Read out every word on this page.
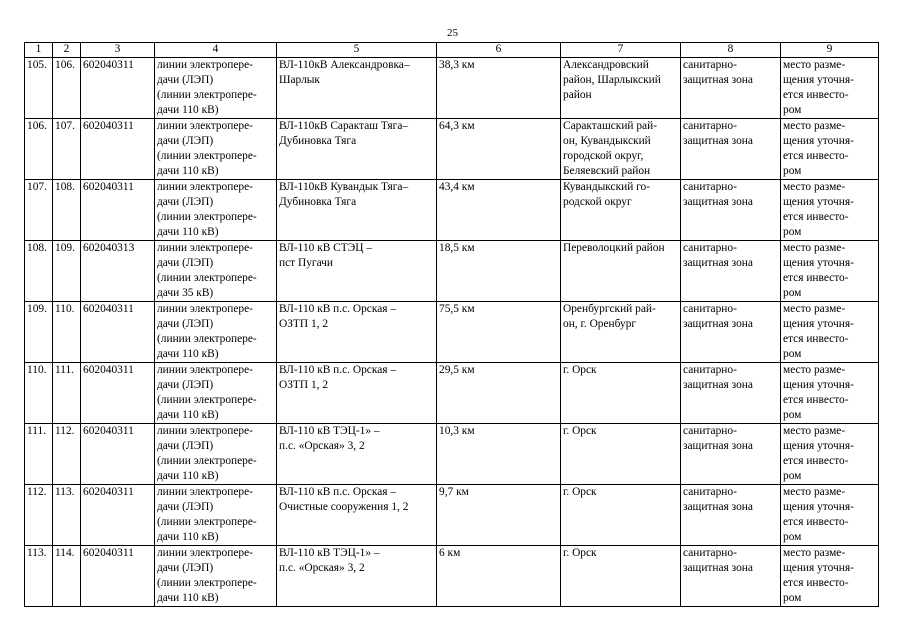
25
1	2	3	4	5	6	7	8	9
105.	106.	602040311	линии электропере-
дачи (ЛЭП)
(линии электропере-
дачи 110 кВ)	ВЛ-110кВ Александровка–
Шарлык	38,3 км	Александровский
район, Шарлыкский
район	санитарно-
защитная зона	место разме-
щения уточня-
ется инвесто-
ром
106.	107.	602040311	линии электропере-
дачи (ЛЭП)
(линии электропере-
дачи 110 кВ)	ВЛ-110кВ Саракташ Тяга–
Дубиновка Тяга	64,3 км	Саракташский рай-
он, Кувандыкский
городской округ,
Беляевский район	санитарно-
защитная зона	место разме-
щения уточня-
ется инвесто-
ром
107.	108.	602040311	линии электропере-
дачи (ЛЭП)
(линии электропере-
дачи 110 кВ)	ВЛ-110кВ Кувандык Тяга–
Дубиновка Тяга	43,4 км	Кувандыкский го-
родской округ	санитарно-
защитная зона	место разме-
щения уточня-
ется инвесто-
ром
108.	109.	602040313	линии электропере-
дачи (ЛЭП)
(линии электропере-
дачи 35 кВ)	ВЛ-110 кВ СТЭЦ –
пст Пугачи	18,5 км	Переволоцкий район	санитарно-
защитная зона	место разме-
щения уточня-
ется инвесто-
ром
109.	110.	602040311	линии электропере-
дачи (ЛЭП)
(линии электропере-
дачи 110 кВ)	ВЛ-110 кВ п.с. Орская –
ОЗТП 1, 2	75,5 км	Оренбургский рай-
он, г. Оренбург	санитарно-
защитная зона	место разме-
щения уточня-
ется инвесто-
ром
110.	111.	602040311	линии электропере-
дачи (ЛЭП)
(линии электропере-
дачи 110 кВ)	ВЛ-110 кВ п.с. Орская –
ОЗТП 1, 2	29,5 км	г. Орск	санитарно-
защитная зона	место разме-
щения уточня-
ется инвесто-
ром
111.	112.	602040311	линии электропере-
дачи (ЛЭП)
(линии электропере-
дачи 110 кВ)	ВЛ-110 кВ ТЭЦ-1» –
п.с. «Орская» 3, 2	10,3 км	г. Орск	санитарно-
защитная зона	место разме-
щения уточня-
ется инвесто-
ром
112.	113.	602040311	линии электропере-
дачи (ЛЭП)
(линии электропере-
дачи 110 кВ)	ВЛ-110 кВ п.с. Орская –
Очистные сооружения 1, 2	9,7 км	г. Орск	санитарно-
защитная зона	место разме-
щения уточня-
ется инвесто-
ром
113.	114.	602040311	линии электропере-
дачи (ЛЭП)
(линии электропере-
дачи 110 кВ)	ВЛ-110 кВ ТЭЦ-1» –
п.с. «Орская» 3, 2	6 км	г. Орск	санитарно-
защитная зона	место разме-
щения уточня-
ется инвесто-
ром
